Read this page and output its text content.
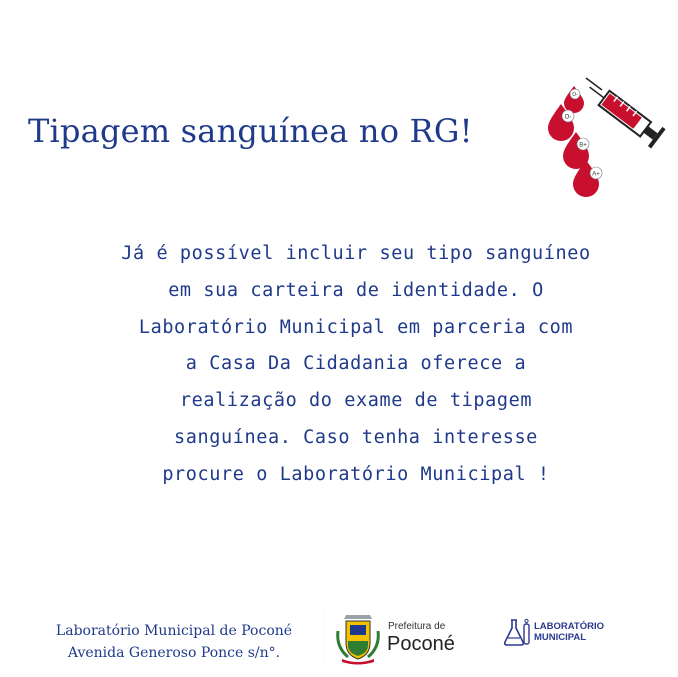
Tipagem sanguínea no RG!
O-
O-
B+
A+
Já é possível incluir seu tipo sanguíneo
em sua carteira de identidade. O
Laboratório Municipal em parceria com
a Casa Da Cidadania oferece a
realização do exame de tipagem
sanguínea. Caso tenha interesse
procure o Laboratório Municipal !
Laboratório Municipal de Poconé
Avenida Generoso Ponce s/n°.
Prefeitura de
Poconé
LABORATÓRIO
MUNICIPAL
